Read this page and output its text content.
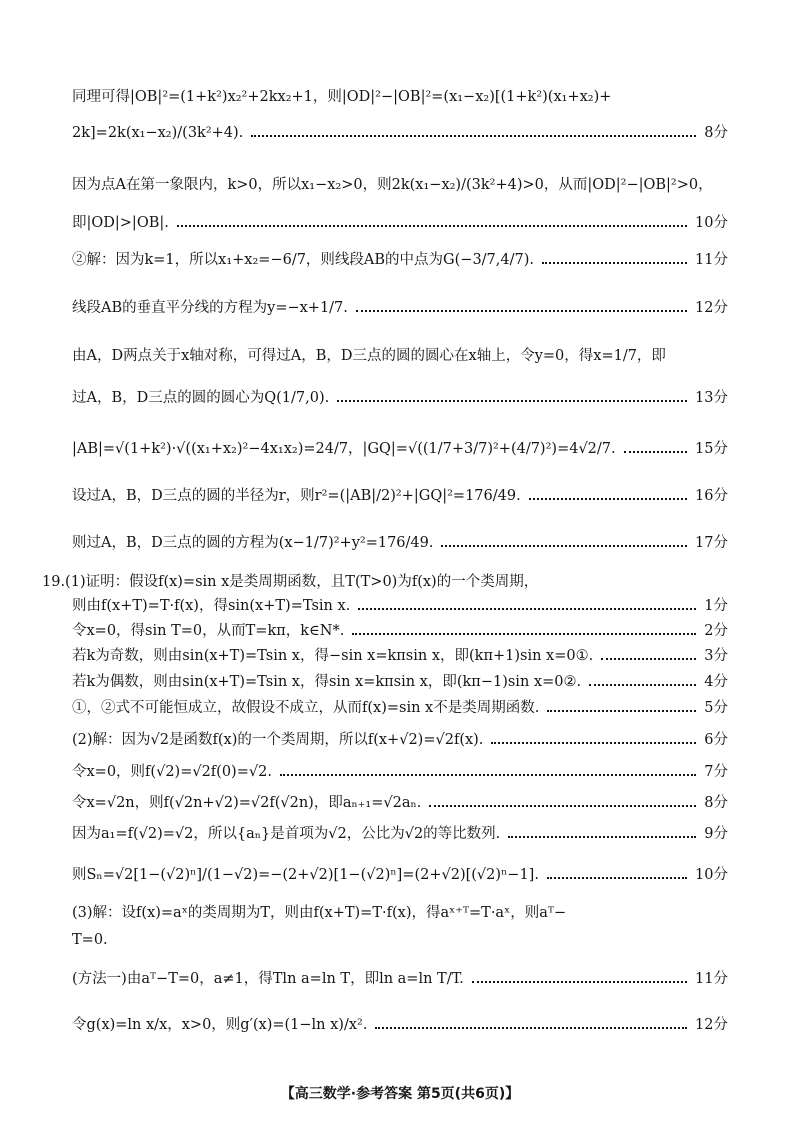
同理可得|OB|²=(1+k²)x₂²+2kx₂+1，则|OD|²−|OB|²=(x₁−x₂)[(1+k²)(x₁+x₂)+
2k]=2k(x₁−x₂)/(3k²+4).	8分
因为点A在第一象限内，k>0，所以x₁−x₂>0，则2k(x₁−x₂)/(3k²+4)>0，从而|OD|²−|OB|²>0，
即|OD|>|OB|.	10分
②解：因为k=1，所以x₁+x₂=−6/7，则线段AB的中点为G(−3/7,4/7).	11分
线段AB的垂直平分线的方程为y=−x+1/7.	12分
由A，D两点关于x轴对称，可得过A，B，D三点的圆的圆心在x轴上，令y=0，得x=1/7，即
过A，B，D三点的圆的圆心为Q(1/7,0).	13分
|AB|=√(1+k²)·√((x₁+x₂)²−4x₁x₂)=24/7，|GQ|=√((1/7+3/7)²+(4/7)²)=4√2/7.	15分
设过A，B，D三点的圆的半径为r，则r²=(|AB|/2)²+|GQ|²=176/49.	16分
则过A，B，D三点的圆的方程为(x−1/7)²+y²=176/49.	17分
19.(1)证明：假设f(x)=sin x是类周期函数，且T(T>0)为f(x)的一个类周期，
则由f(x+T)=T·f(x)，得sin(x+T)=Tsin x.	1分
令x=0，得sin T=0，从而T=kπ，k∈N*.	2分
若k为奇数，则由sin(x+T)=Tsin x，得−sin x=kπsin x，即(kπ+1)sin x=0①.	3分
若k为偶数，则由sin(x+T)=Tsin x，得sin x=kπsin x，即(kπ−1)sin x=0②.	4分
①，②式不可能恒成立，故假设不成立，从而f(x)=sin x不是类周期函数.	5分
(2)解：因为√2是函数f(x)的一个类周期，所以f(x+√2)=√2f(x).	6分
令x=0，则f(√2)=√2f(0)=√2.	7分
令x=√2n，则f(√2n+√2)=√2f(√2n)，即aₙ₊₁=√2aₙ.	8分
因为a₁=f(√2)=√2，所以{aₙ}是首项为√2，公比为√2的等比数列.	9分
则Sₙ=√2[1−(√2)ⁿ]/(1−√2)=−(2+√2)[1−(√2)ⁿ]=(2+√2)[(√2)ⁿ−1].	10分
(3)解：设f(x)=aˣ的类周期为T，则由f(x+T)=T·f(x)，得aˣ⁺ᵀ=T·aˣ，则aᵀ−
T=0.
(方法一)由aᵀ−T=0，a≠1，得Tln a=ln T，即ln a=ln T/T.	11分
令g(x)=ln x/x，x>0，则g′(x)=(1−ln x)/x².	12分
【高三数学·参考答案 第5页(共6页)】
